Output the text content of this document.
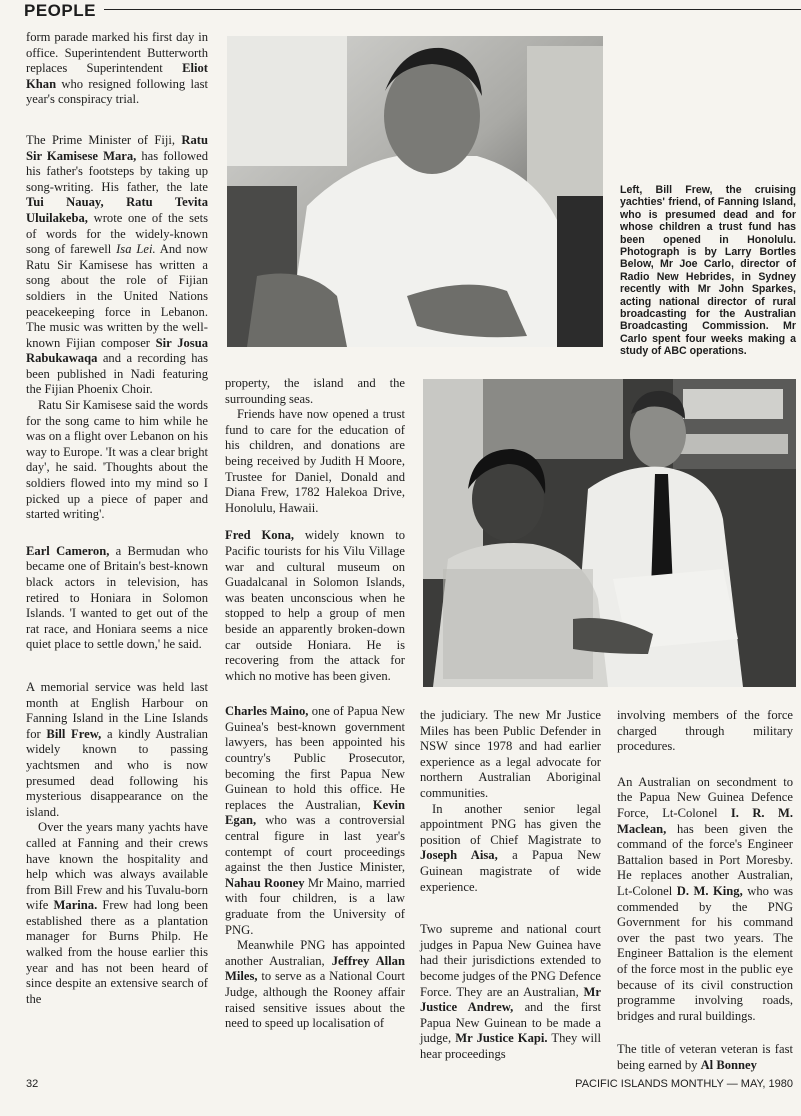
PEOPLE
Left, Bill Frew, the cruising yachties' friend, of Fanning Island, who is presumed dead and for whose children a trust fund has been opened in Honolulu. Photograph is by Larry Bortles Below, Mr Joe Carlo, director of Radio New Hebrides, in Sydney recently with Mr John Sparkes, acting national director of rural broadcasting for the Australian Broadcasting Commission. Mr Carlo spent four weeks making a study of ABC operations.

form parade marked his first day in office. Superintendent Butterworth replaces Superintendent Eliot Khan who resigned following last year's conspiracy trial.

The Prime Minister of Fiji, Ratu Sir Kamisese Mara, has followed his father's footsteps by taking up song-writing. His father, the late Tui Nauay, Ratu Tevita Uluilakeba, wrote one of the sets of words for the widely-known song of farewell Isa Lei. And now Ratu Sir Kamisese has written a song about the role of Fijian soldiers in the United Nations peacekeeping force in Lebanon. The music was written by the well-known Fijian composer Sir Josua Rabukawaqa and a recording has been published in Nadi featuring the Fijian Phoenix Choir.

Ratu Sir Kamisese said the words for the song came to him while he was on a flight over Lebanon on his way to Europe. 'It was a clear bright day', he said. 'Thoughts about the soldiers flowed into my mind so I picked up a piece of paper and started writing'.

Earl Cameron, a Bermudan who became one of Britain's best-known black actors in television, has retired to Honiara in Solomon Islands. 'I wanted to get out of the rat race, and Honiara seems a nice quiet place to settle down,' he said.

A memorial service was held last month at English Harbour on Fanning Island in the Line Islands for Bill Frew, a kindly Australian widely known to passing yachtsmen and who is now presumed dead following his mysterious disappearance on the island.

Over the years many yachts have called at Fanning and their crews have known the hospitality and help which was always available from Bill Frew and his Tuvalu-born wife Marina. Frew had long been established there as a plantation manager for Burns Philp. He walked from the house earlier this year and has not been heard of since despite an extensive search of the

property, the island and the surrounding seas.

Friends have now opened a trust fund to care for the education of his children, and donations are being received by Judith H Moore, Trustee for Daniel, Donald and Diana Frew, 1782 Halekoa Drive, Honolulu, Hawaii.

Fred Kona, widely known to Pacific tourists for his Vilu Village war and cultural museum on Guadalcanal in Solomon Islands, was beaten unconscious when he stopped to help a group of men beside an apparently broken-down car outside Honiara. He is recovering from the attack for which no motive has been given.

Charles Maino, one of Papua New Guinea's best-known government lawyers, has been appointed his country's Public Prosecutor, becoming the first Papua New Guinean to hold this office. He replaces the Australian, Kevin Egan, who was a controversial central figure in last year's contempt of court proceedings against the then Justice Minister, Nahau Rooney Mr Maino, married with four children, is a law graduate from the University of PNG.

Meanwhile PNG has appointed another Australian, Jeffrey Allan Miles, to serve as a National Court Judge, although the Rooney affair raised sensitive issues about the need to speed up localisation of

the judiciary. The new Mr Justice Miles has been Public Defender in NSW since 1978 and had earlier experience as a legal advocate for northern Australian Aboriginal communities.

In another senior legal appointment PNG has given the position of Chief Magistrate to Joseph Aisa, a Papua New Guinean magistrate of wide experience.

Two supreme and national court judges in Papua New Guinea have had their jurisdictions extended to become judges of the PNG Defence Force. They are an Australian, Mr Justice Andrew, and the first Papua New Guinean to be made a judge, Mr Justice Kapi. They will hear proceedings

involving members of the force charged through military procedures.

An Australian on secondment to the Papua New Guinea Defence Force, Lt-Colonel I. R. M. Maclean, has been given the command of the force's Engineer Battalion based in Port Moresby. He replaces another Australian, Lt-Colonel D. M. King, who was commended by the PNG Government for his command over the past two years. The Engineer Battalion is the element of the force most in the public eye because of its civil construction programme involving roads, bridges and rural buildings.

The title of veteran veteran is fast being earned by Al Bonney

32	PACIFIC ISLANDS MONTHLY — MAY, 1980
